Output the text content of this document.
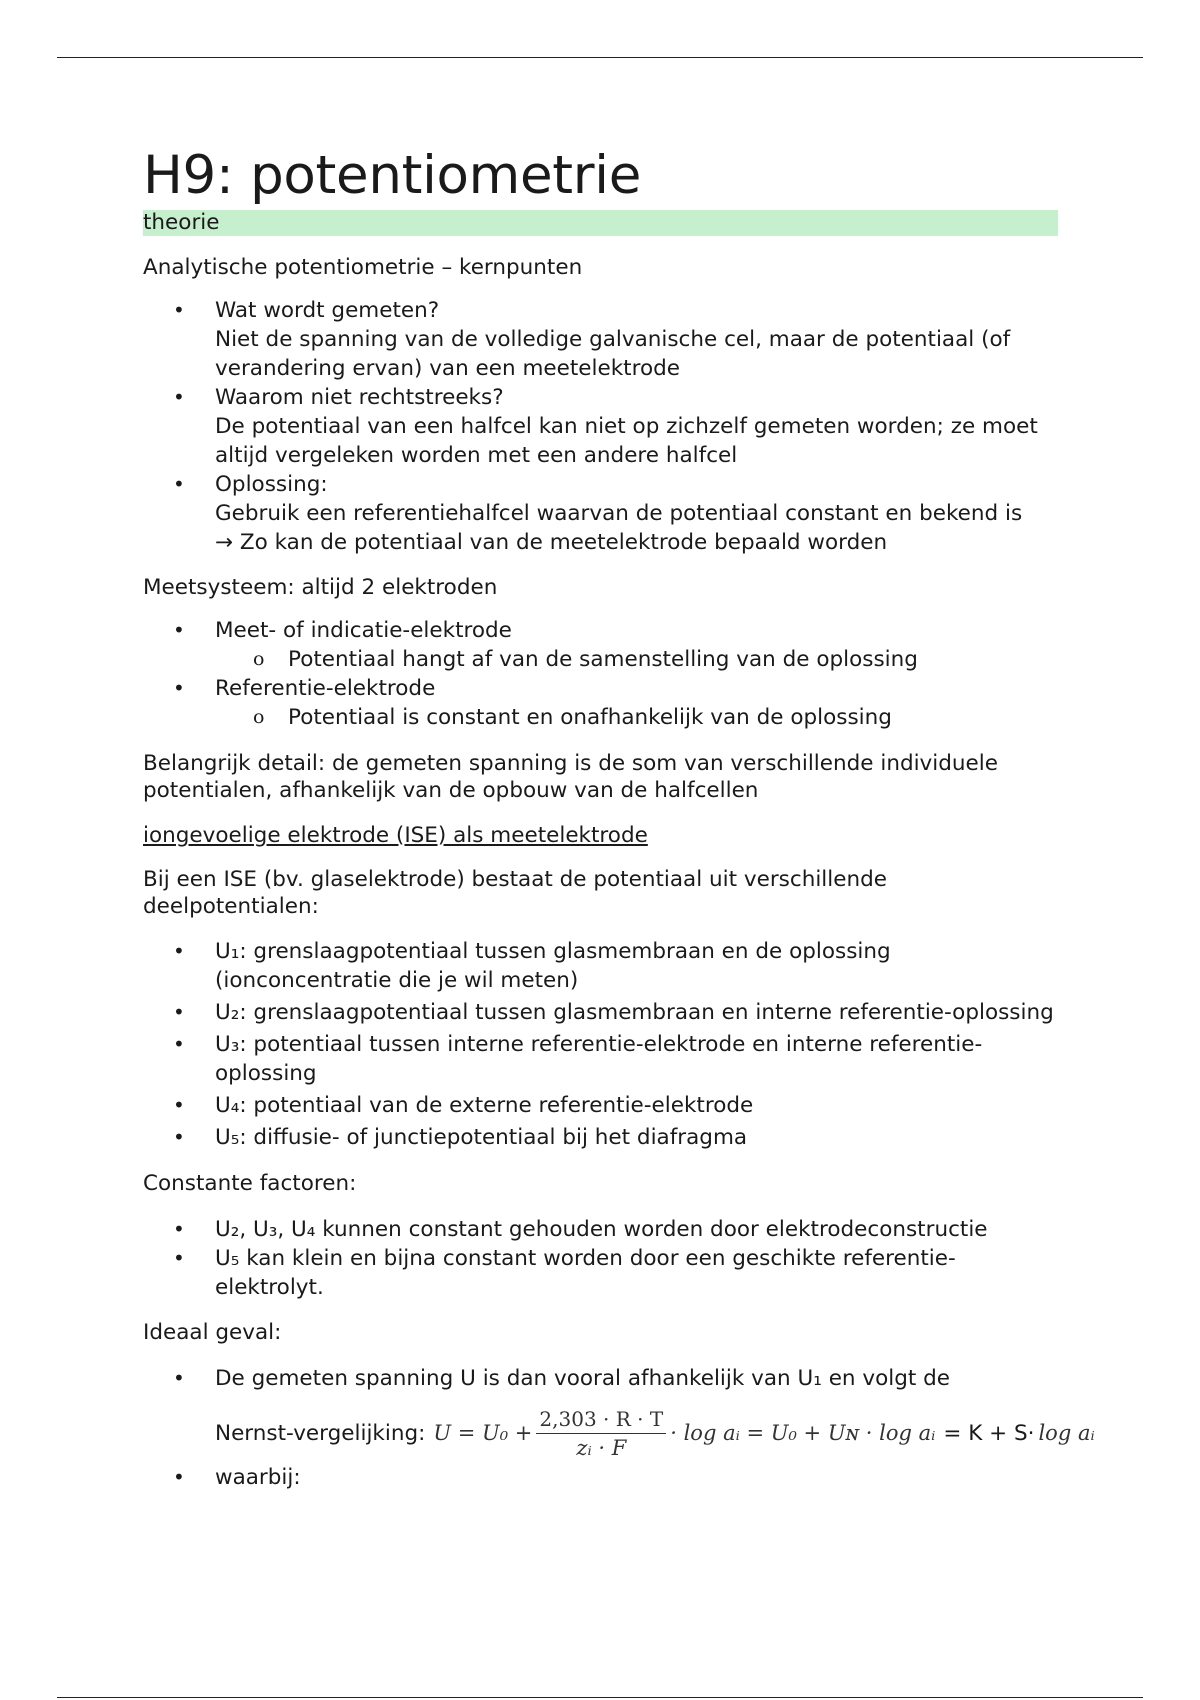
H9: potentiometrie
theorie

Analytische potentiometrie – kernpunten

• Wat wordt gemeten?
Niet de spanning van de volledige galvanische cel, maar de potentiaal (of verandering ervan) van een meetelektrode
• Waarom niet rechtstreeks?
De potentiaal van een halfcel kan niet op zichzelf gemeten worden; ze moet altijd vergeleken worden met een andere halfcel
• Oplossing:
Gebruik een referentiehalfcel waarvan de potentiaal constant en bekend is
→ Zo kan de potentiaal van de meetelektrode bepaald worden

Meetsysteem: altijd 2 elektroden

• Meet- of indicatie-elektrode
o Potentiaal hangt af van de samenstelling van de oplossing
• Referentie-elektrode
o Potentiaal is constant en onafhankelijk van de oplossing

Belangrijk detail: de gemeten spanning is de som van verschillende individuele potentialen, afhankelijk van de opbouw van de halfcellen

iongevoelige elektrode (ISE) als meetelektrode

Bij een ISE (bv. glaselektrode) bestaat de potentiaal uit verschillende deelpotentialen:

• U₁: grenslaagpotentiaal tussen glasmembraan en de oplossing (ionconcentratie die je wil meten)
• U₂: grenslaagpotentiaal tussen glasmembraan en interne referentie-oplossing
• U₃: potentiaal tussen interne referentie-elektrode en interne referentie-oplossing
• U₄: potentiaal van de externe referentie-elektrode
• U₅: diffusie- of junctiepotentiaal bij het diafragma

Constante factoren:

• U₂, U₃, U₄ kunnen constant gehouden worden door elektrodeconstructie
• U₅ kan klein en bijna constant worden door een geschikte referentie-elektrolyt.

Ideaal geval:

• De gemeten spanning U is dan vooral afhankelijk van U₁ en volgt de
Nernst-vergelijking: $U = U_0 + \frac{2,303 \cdot R \cdot T}{\text{zᵢ · F}} \cdot \log$ aᵢ = U₀ + Uɴ · log aᵢ = K + S· log aᵢ
• waarbij:
